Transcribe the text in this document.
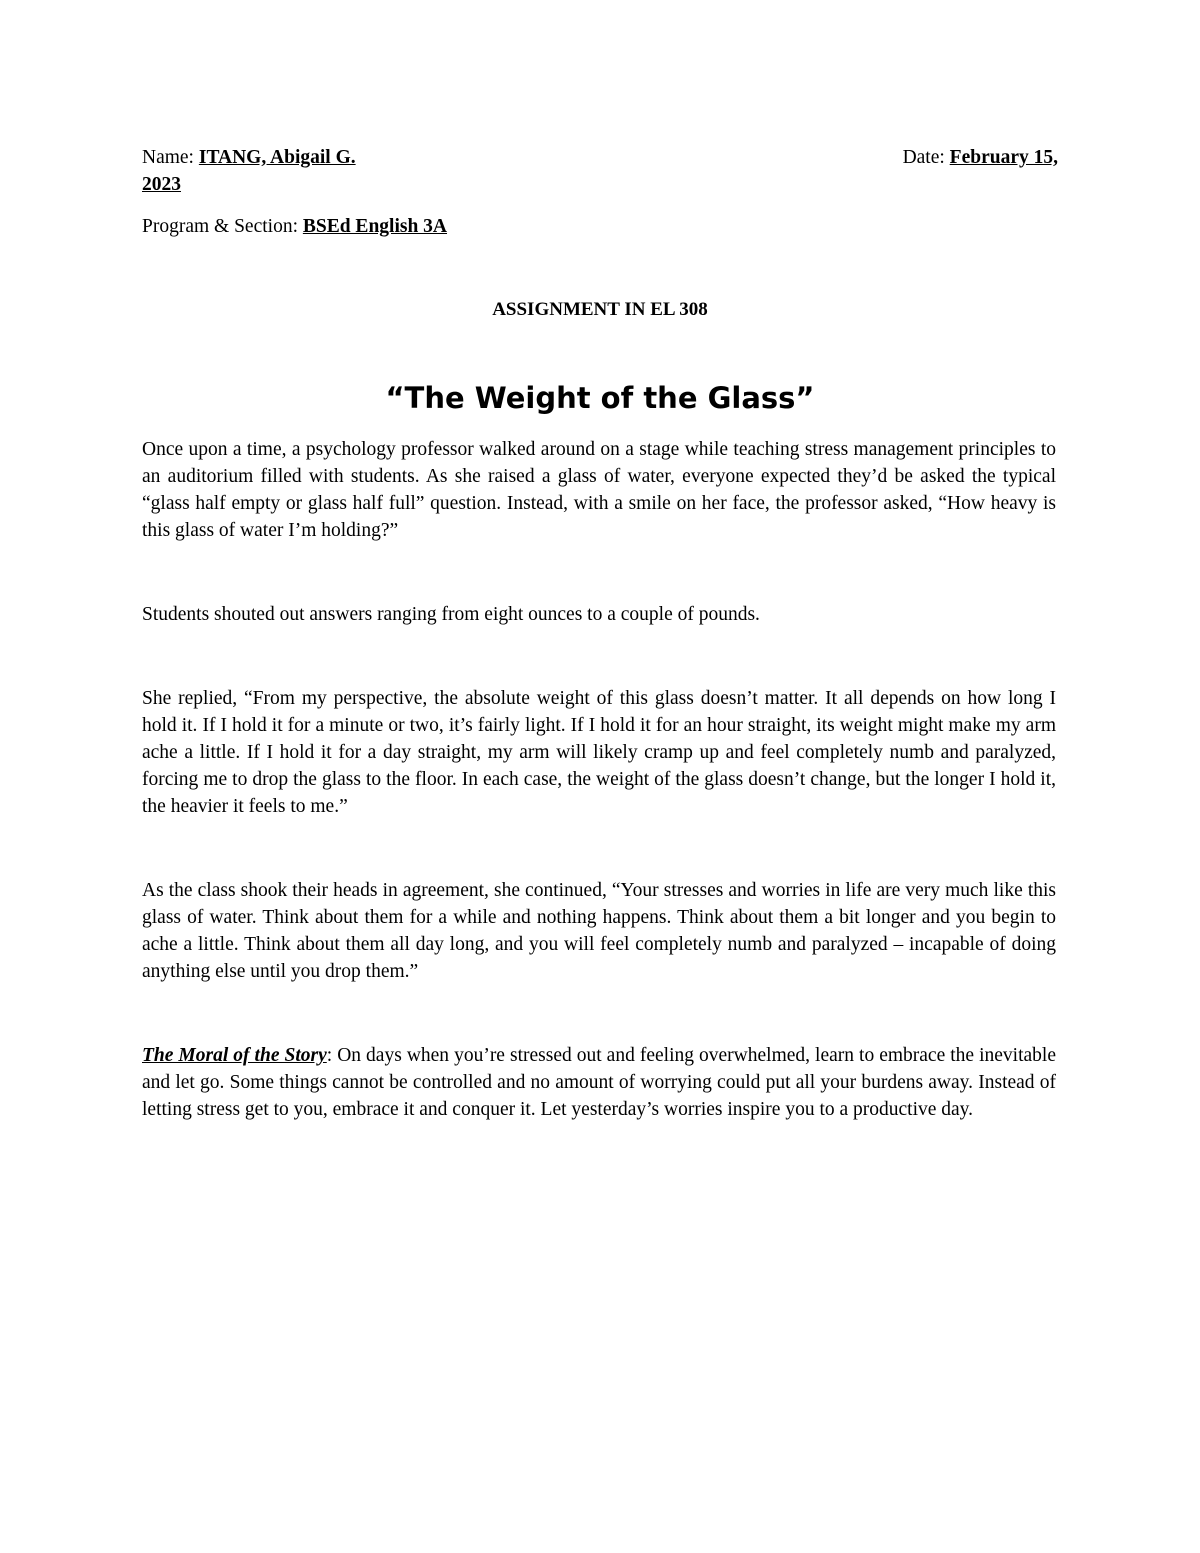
Name: ITANG, Abigail G.	Date: February 15,
2023
Program & Section: BSEd English 3A
ASSIGNMENT IN EL 308
“The Weight of the Glass”

Once upon a time, a psychology professor walked around on a stage while teaching stress management principles to an auditorium filled with students. As she raised a glass of water, everyone expected they’d be asked the typical “glass half empty or glass half full” question. Instead, with a smile on her face, the professor asked, “How heavy is this glass of water I’m holding?”

Students shouted out answers ranging from eight ounces to a couple of pounds.

She replied, “From my perspective, the absolute weight of this glass doesn’t matter. It all depends on how long I hold it. If I hold it for a minute or two, it’s fairly light. If I hold it for an hour straight, its weight might make my arm ache a little. If I hold it for a day straight, my arm will likely cramp up and feel completely numb and paralyzed, forcing me to drop the glass to the floor. In each case, the weight of the glass doesn’t change, but the longer I hold it, the heavier it feels to me.”

As the class shook their heads in agreement, she continued, “Your stresses and worries in life are very much like this glass of water. Think about them for a while and nothing happens. Think about them a bit longer and you begin to ache a little. Think about them all day long, and you will feel completely numb and paralyzed – incapable of doing anything else until you drop them.”

The Moral of the Story: On days when you’re stressed out and feeling overwhelmed, learn to embrace the inevitable and let go. Some things cannot be controlled and no amount of worrying could put all your burdens away. Instead of letting stress get to you, embrace it and conquer it. Let yesterday’s worries inspire you to a productive day.
